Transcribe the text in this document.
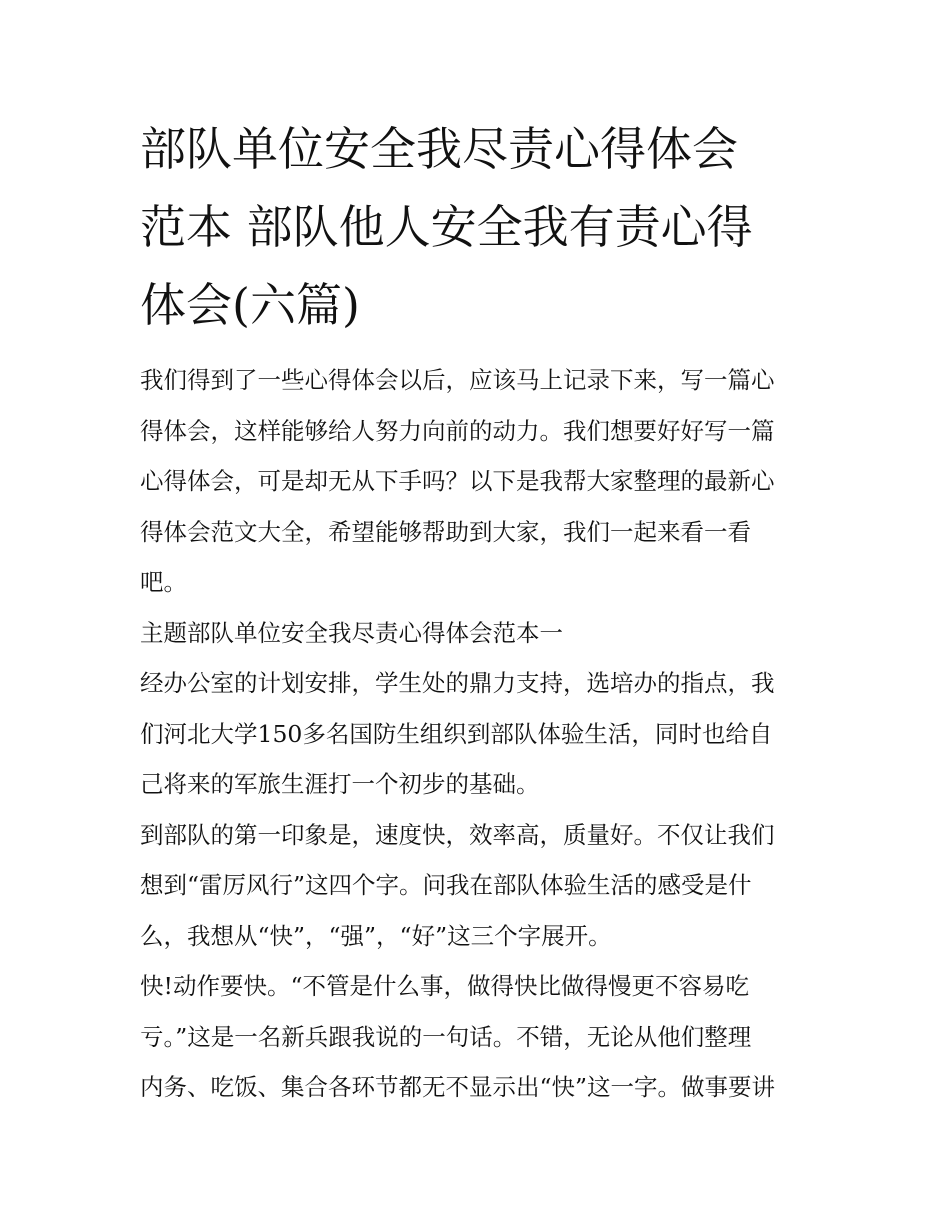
部队单位安全我尽责心得体会
范本 部队他人安全我有责心得
体会(六篇)
我们得到了一些心得体会以后，应该马上记录下来，写一篇心
得体会，这样能够给人努力向前的动力。我们想要好好写一篇
心得体会，可是却无从下手吗？以下是我帮大家整理的最新心
得体会范文大全，希望能够帮助到大家，我们一起来看一看
吧。
主题部队单位安全我尽责心得体会范本一
经办公室的计划安排，学生处的鼎力支持，选培办的指点，我
们河北大学150多名国防生组织到部队体验生活，同时也给自
己将来的军旅生涯打一个初步的基础。
到部队的第一印象是，速度快，效率高，质量好。不仅让我们
想到“雷厉风行”这四个字。问我在部队体验生活的感受是什
么，我想从“快”，“强”，“好”这三个字展开。
快!动作要快。“不管是什么事，做得快比做得慢更不容易吃
亏。”这是一名新兵跟我说的一句话。不错，无论从他们整理
内务、吃饭、集合各环节都无不显示出“快”这一字。做事要讲
